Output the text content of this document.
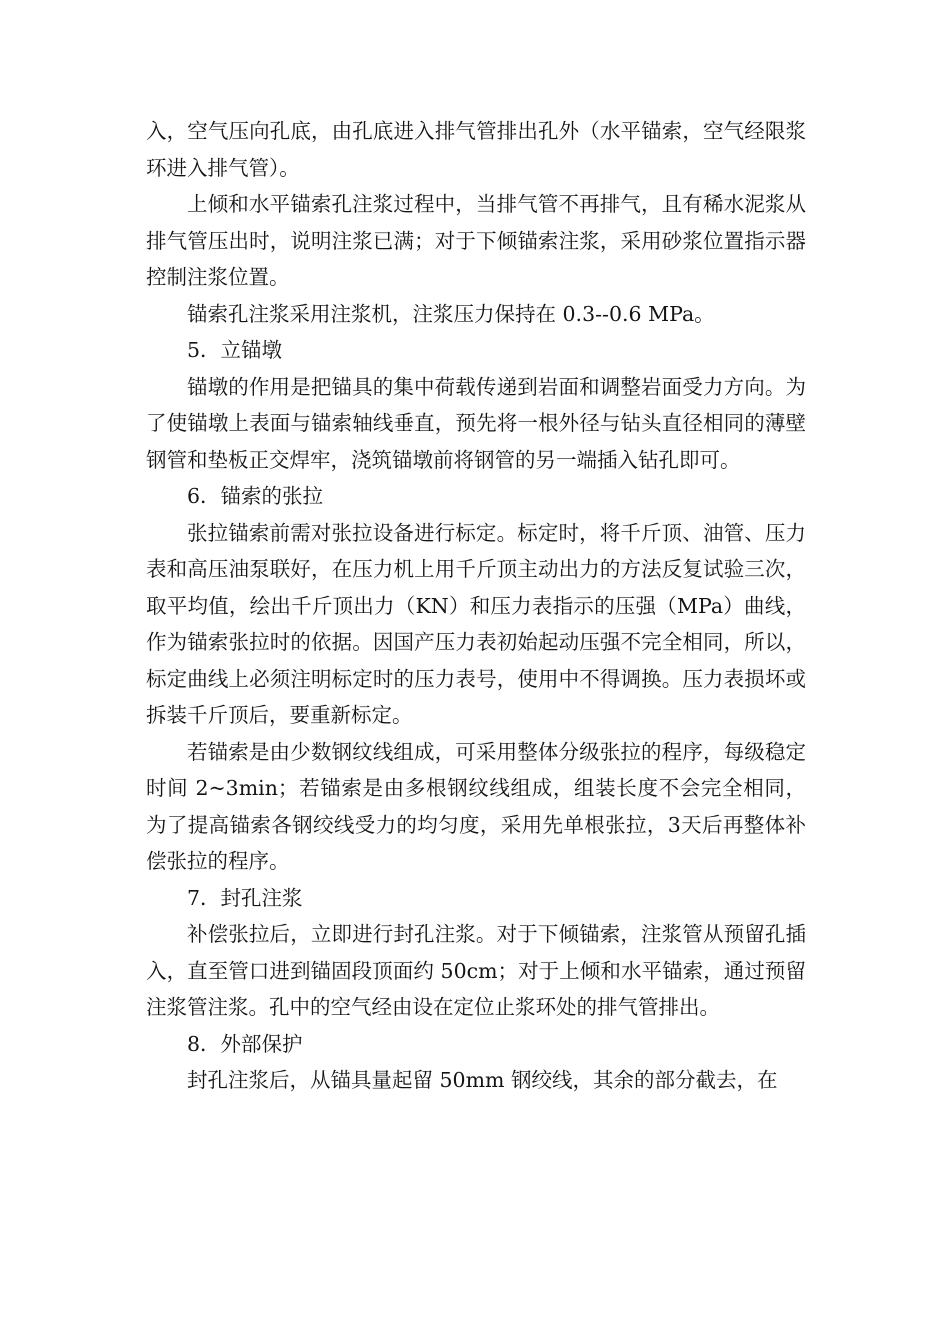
入，空气压向孔底，由孔底进入排气管排出孔外（水平锚索，空气经限浆环进入排气管）。

上倾和水平锚索孔注浆过程中，当排气管不再排气，且有稀水泥浆从排气管压出时，说明注浆已满；对于下倾锚索注浆，采用砂浆位置指示器控制注浆位置。

锚索孔注浆采用注浆机，注浆压力保持在 0.3--0.6 MPa。

5．立锚墩

锚墩的作用是把锚具的集中荷载传递到岩面和调整岩面受力方向。为了使锚墩上表面与锚索轴线垂直，预先将一根外径与钻头直径相同的薄壁钢管和垫板正交焊牢，浇筑锚墩前将钢管的另一端插入钻孔即可。

6．锚索的张拉

张拉锚索前需对张拉设备进行标定。标定时，将千斤顶、油管、压力表和高压油泵联好，在压力机上用千斤顶主动出力的方法反复试验三次，取平均值，绘出千斤顶出力（KN）和压力表指示的压强（MPa）曲线，作为锚索张拉时的依据。因国产压力表初始起动压强不完全相同，所以，标定曲线上必须注明标定时的压力表号，使用中不得调换。压力表损坏或拆装千斤顶后，要重新标定。

若锚索是由少数钢纹线组成，可采用整体分级张拉的程序，每级稳定时间 2~3min；若锚索是由多根钢纹线组成，组装长度不会完全相同，为了提高锚索各钢绞线受力的均匀度，采用先单根张拉，3天后再整体补偿张拉的程序。

7．封孔注浆

补偿张拉后，立即进行封孔注浆。对于下倾锚索，注浆管从预留孔插入，直至管口进到锚固段顶面约 50cm；对于上倾和水平锚索，通过预留注浆管注浆。孔中的空气经由设在定位止浆环处的排气管排出。

8．外部保护

封孔注浆后，从锚具量起留 50mm 钢绞线，其余的部分截去，在
